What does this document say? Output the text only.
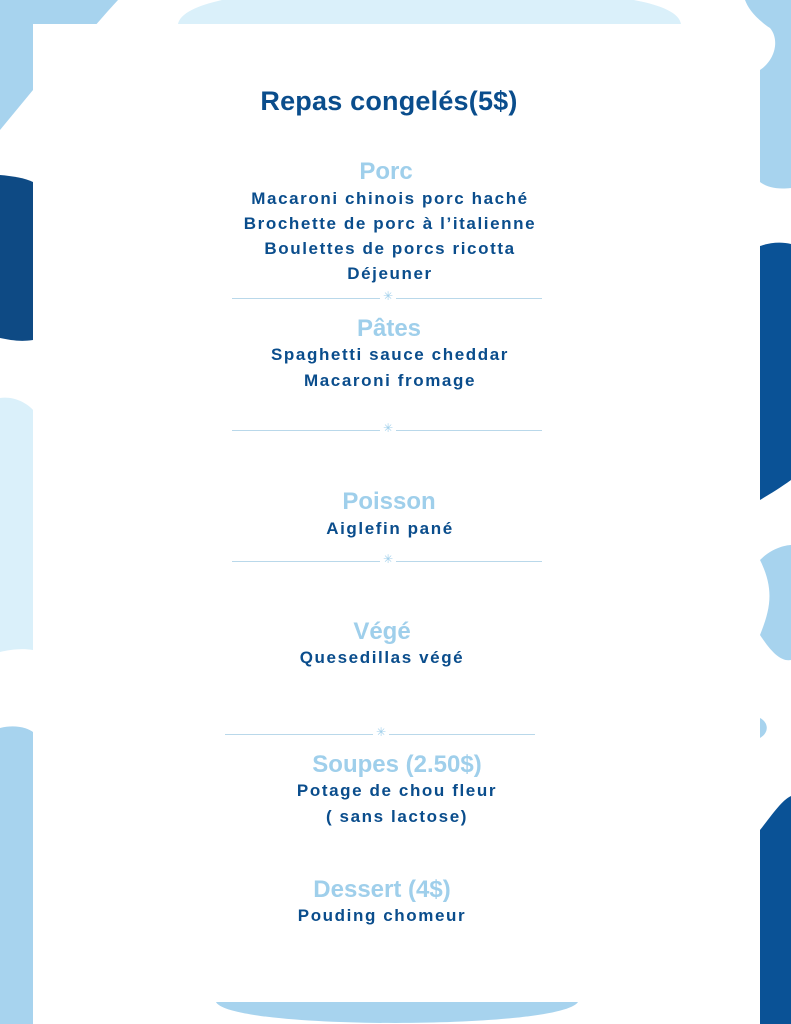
Repas congelés(5$)
Porc
Macaroni chinois porc haché
Brochette de porc à l’italienne
Boulettes de porcs ricotta
Déjeuner
✳
Pâtes
Spaghetti sauce cheddar
Macaroni fromage
✳
Poisson
Aiglefin pané
✳
Végé
Quesedillas végé
✳
Soupes (2.50$)
Potage de chou fleur
( sans lactose)
Dessert (4$)
Pouding chomeur
